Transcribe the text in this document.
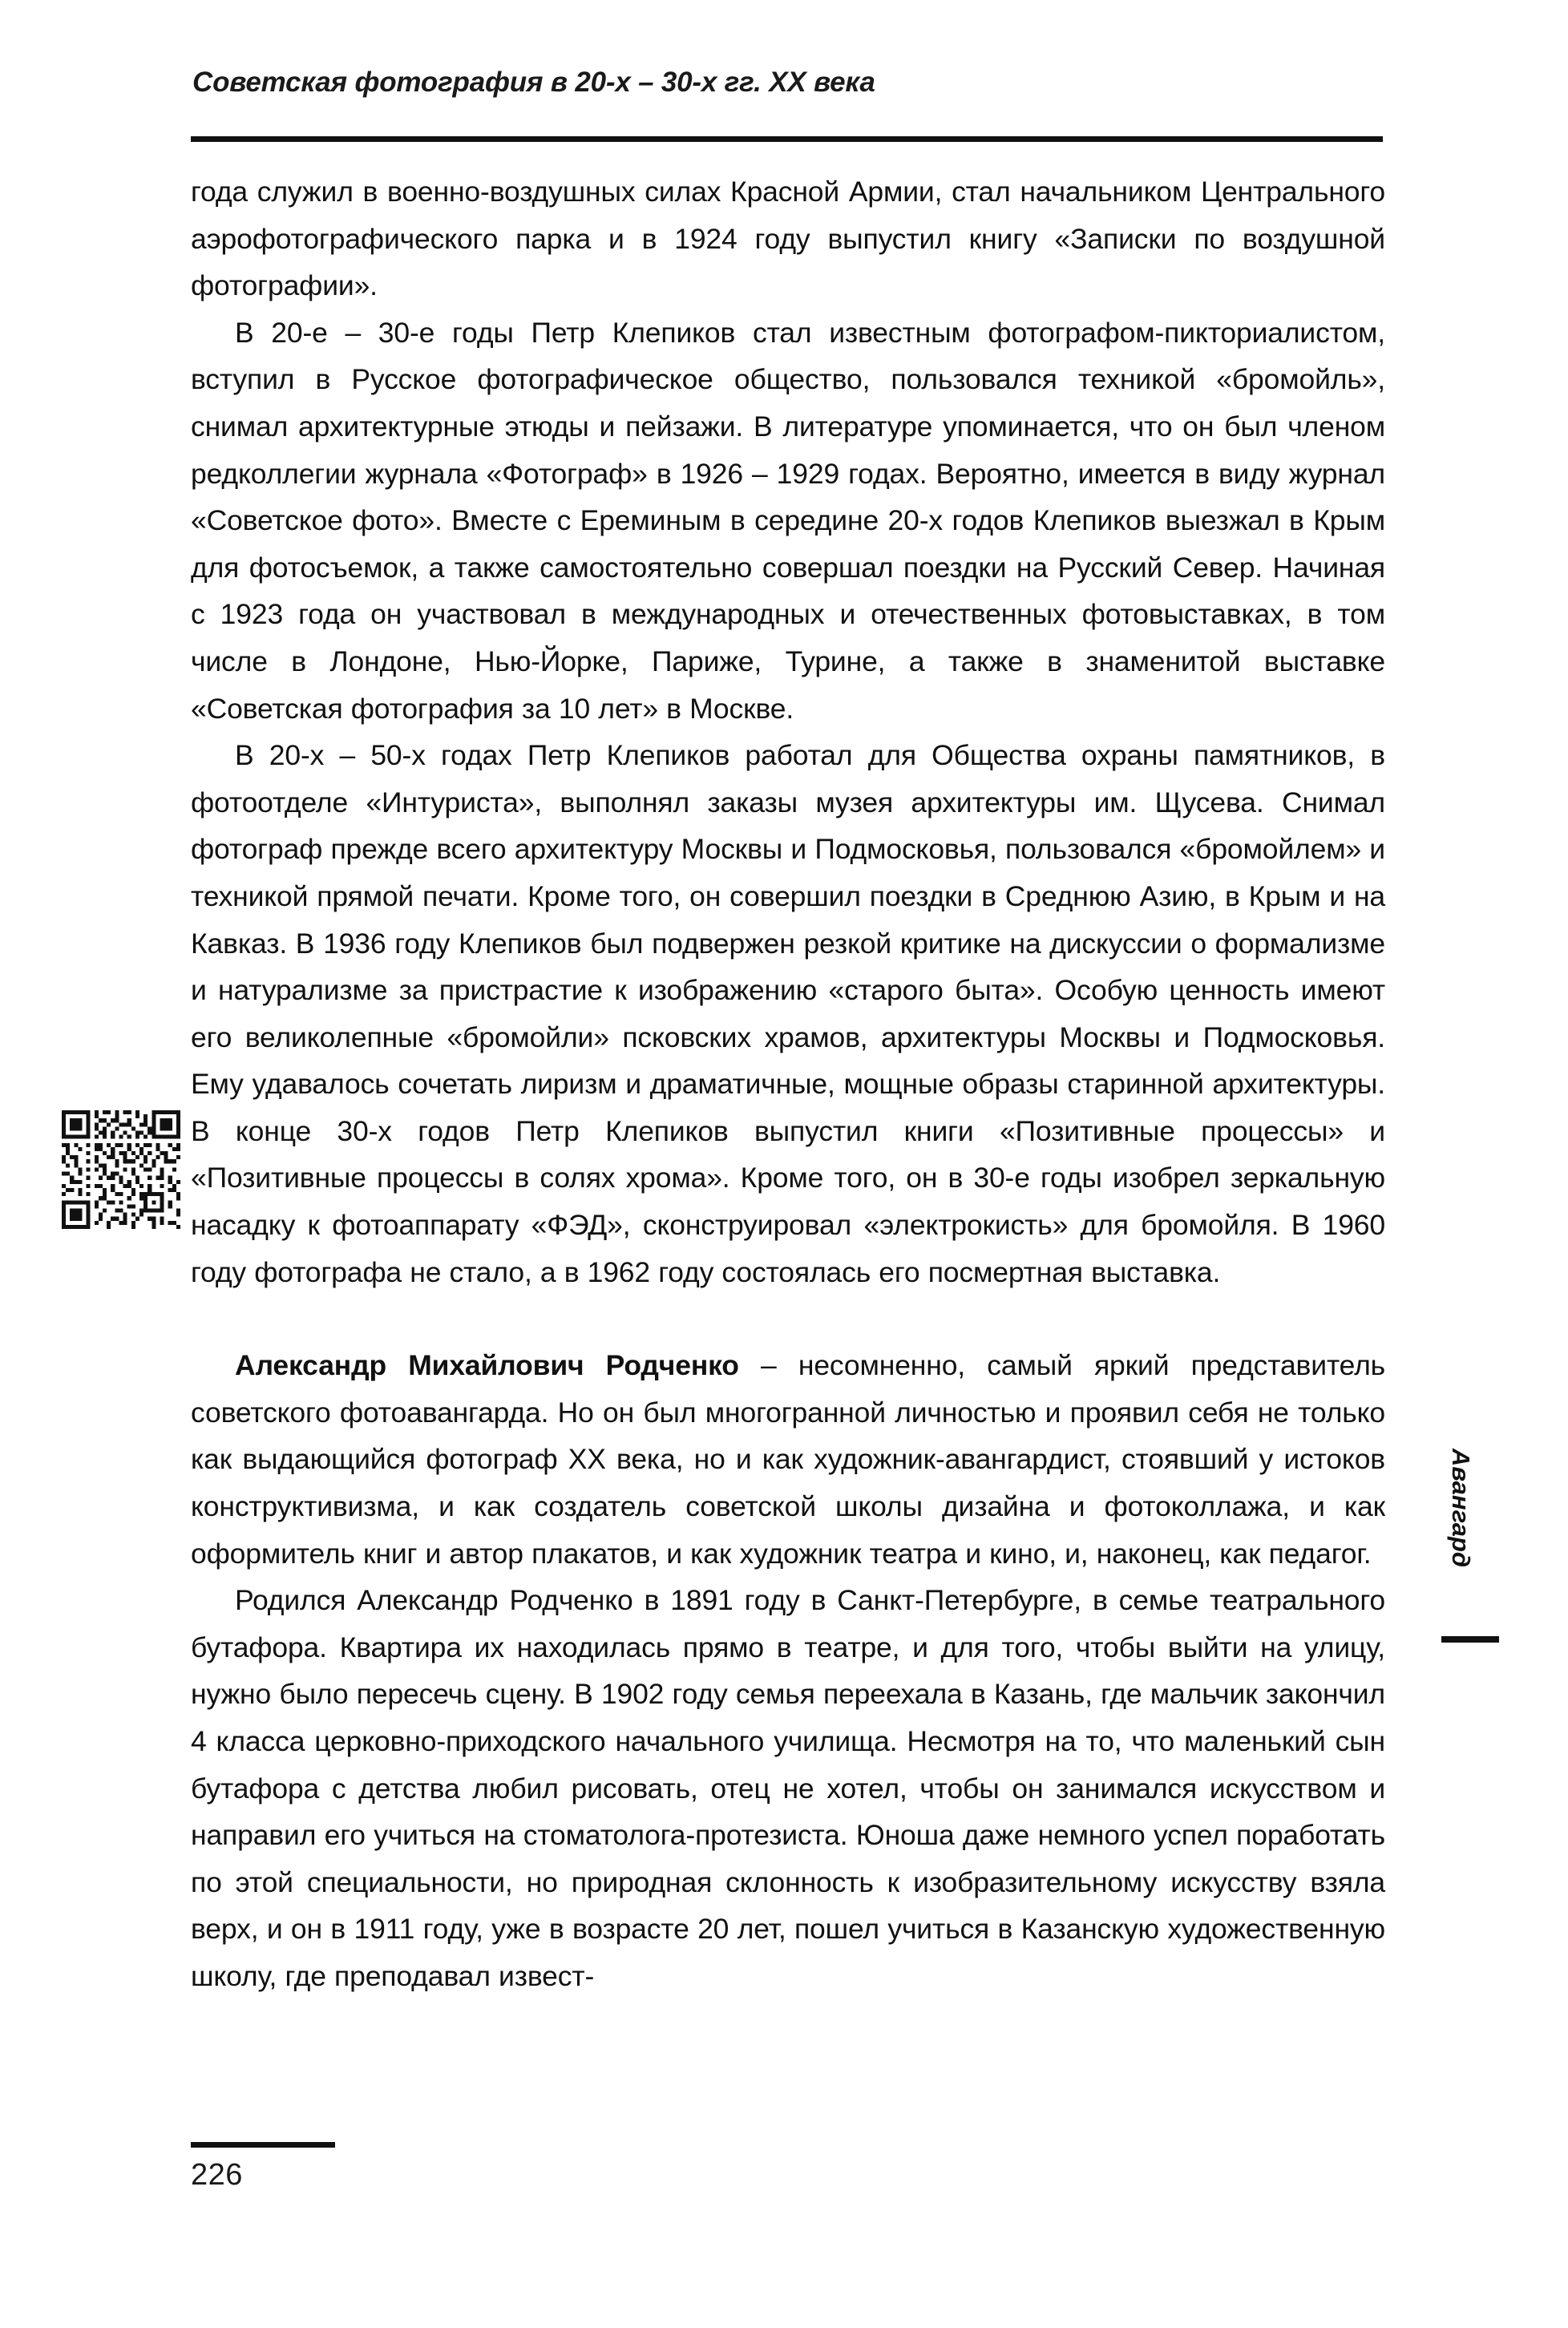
Советская фотография в 20-х – 30-х гг. XX века

года служил в военно-воздушных силах Красной Армии, стал начальником Центрального аэрофотографического парка и в 1924 году выпустил книгу «Записки по воздушной фотографии».

В 20-е – 30-е годы Петр Клепиков стал известным фотографом-пикториалистом, вступил в Русское фотографическое общество, пользовался техникой «бромойль», снимал архитектурные этюды и пейзажи. В литературе упоминается, что он был членом редколлегии журнала «Фотограф» в 1926 – 1929 годах. Вероятно, имеется в виду журнал «Советское фото». Вместе с Ереминым в середине 20-х годов Клепиков выезжал в Крым для фотосъемок, а также самостоятельно совершал поездки на Русский Север. Начиная с 1923 года он участвовал в международных и отечественных фотовыставках, в том числе в Лондоне, Нью-Йорке, Париже, Турине, а также в знаменитой выставке «Советская фотография за 10 лет» в Москве.

В 20-х – 50-х годах Петр Клепиков работал для Общества охраны памятников, в фотоотделе «Интуриста», выполнял заказы музея архитектуры им. Щусева. Снимал фотограф прежде всего архитектуру Москвы и Подмосковья, пользовался «бромойлем» и техникой прямой печати. Кроме того, он совершил поездки в Среднюю Азию, в Крым и на Кавказ. В 1936 году Клепиков был подвержен резкой критике на дискуссии о формализме и натурализме за пристрастие к изображению «старого быта». Особую ценность имеют его великолепные «бромойли» псковских храмов, архитектуры Москвы и Подмосковья. Ему удавалось сочетать лиризм и драматичные, мощные образы старинной архитектуры. В конце 30-х годов Петр Клепиков выпустил книги «Позитивные процессы» и «Позитивные процессы в солях хрома». Кроме того, он в 30-е годы изобрел зеркальную насадку к фотоаппарату «ФЭД», сконструировал «электрокисть» для бромойля. В 1960 году фотографа не стало, а в 1962 году состоялась его посмертная выставка.

Александр Михайлович Родченко – несомненно, самый яркий представитель советского фотоавангарда. Но он был многогранной личностью и проявил себя не только как выдающийся фотограф XX века, но и как художник-авангардист, стоявший у истоков конструктивизма, и как создатель советской школы дизайна и фотоколлажа, и как оформитель книг и автор плакатов, и как художник театра и кино, и, наконец, как педагог.

Родился Александр Родченко в 1891 году в Санкт-Петербурге, в семье театрального бутафора. Квартира их находилась прямо в театре, и для того, чтобы выйти на улицу, нужно было пересечь сцену. В 1902 году семья переехала в Казань, где мальчик закончил 4 класса церковно-приходского начального училища. Несмотря на то, что маленький сын бутафора с детства любил рисовать, отец не хотел, чтобы он занимался искусством и направил его учиться на стоматолога-протезиста. Юноша даже немного успел поработать по этой специальности, но природная склонность к изобразительному искусству взяла верх, и он в 1911 году, уже в возрасте 20 лет, пошел учиться в Казанскую художественную школу, где преподавал извест-

Авангард
226
